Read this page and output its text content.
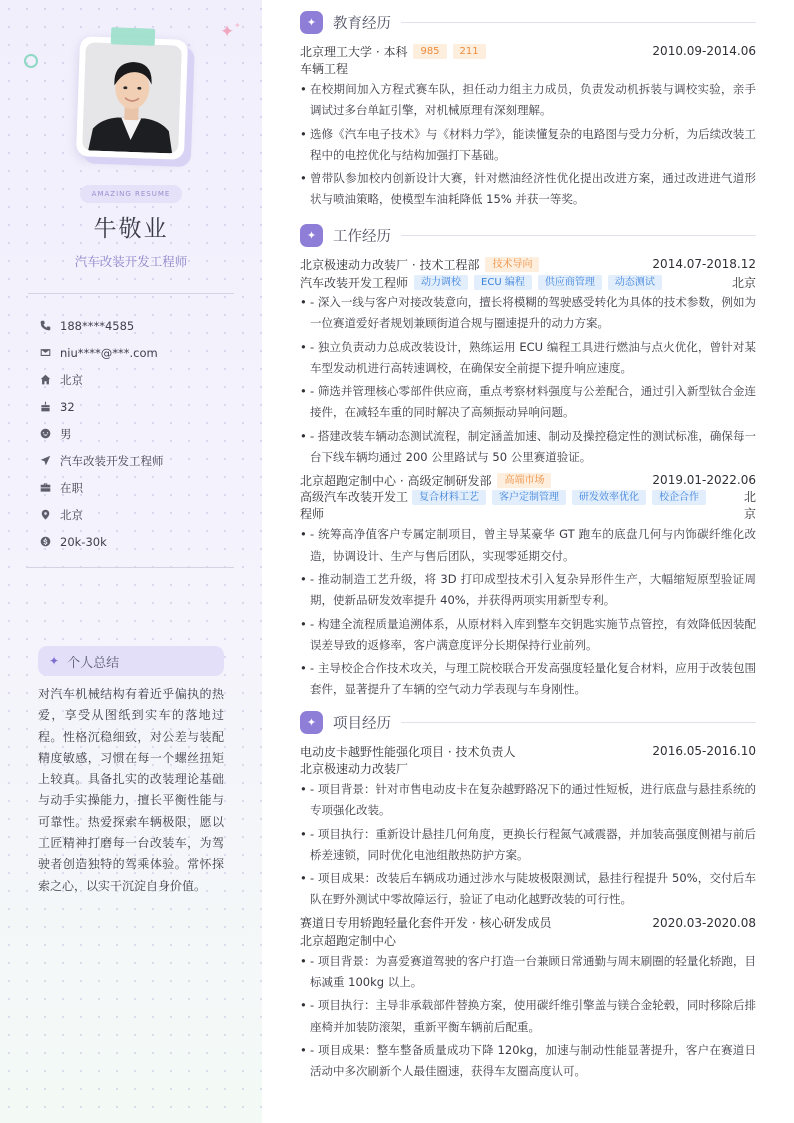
✦ ✦
AMAZING RESUME
牛敬业
汽车改装开发工程师
188****4585
niu****@***.com
北京
32
男
汽车改装开发工程师
在职
北京
20k-30k
✦ 个人总结

对汽车机械结构有着近乎偏执的热爱，享受从图纸到实车的落地过程。性格沉稳细致，对公差与装配精度敏感，习惯在每一个螺丝扭矩上较真。具备扎实的改装理论基础与动手实操能力，擅长平衡性能与可靠性。热爱探索车辆极限，愿以工匠精神打磨每一台改装车，为驾驶者创造独特的驾乘体验。常怀探索之心，以实干沉淀自身价值。

✦	教育经历
北京理工大学 · 本科	985	211	2010.09-2014.06
车辆工程
• 在校期间加入方程式赛车队，担任动力组主力成员，负责发动机拆装与调校实验，亲手调试过多台单缸引擎，对机械原理有深刻理解。
• 选修《汽车电子技术》与《材料力学》，能读懂复杂的电路图与受力分析，为后续改装工程中的电控优化与结构加强打下基础。
• 曾带队参加校内创新设计大赛，针对燃油经济性优化提出改进方案，通过改进进气道形状与喷油策略，使模型车油耗降低 15% 并获一等奖。
✦	工作经历
北京极速动力改装厂 · 技术工程部	技术导向	2014.07-2018.12
汽车改装开发工程师	动力调校	ECU 编程	供应商管理	动态测试	北京
• - 深入一线与客户对接改装意向，擅长将模糊的驾驶感受转化为具体的技术参数，例如为一位赛道爱好者规划兼顾街道合规与圈速提升的动力方案。
• - 独立负责动力总成改装设计，熟练运用 ECU 编程工具进行燃油与点火优化，曾针对某车型发动机进行高转速调校，在确保安全前提下提升响应速度。
• - 筛选并管理核心零部件供应商，重点考察材料强度与公差配合，通过引入新型钛合金连接件，在减轻车重的同时解决了高频振动异响问题。
• - 搭建改装车辆动态测试流程，制定涵盖加速、制动及操控稳定性的测试标准，确保每一台下线车辆均通过 200 公里路试与 50 公里赛道验证。
北京超跑定制中心 · 高级定制研发部	高端市场	2019.01-2022.06
高级汽车改装开发工
程师
复合材料工艺	客户定制管理	研发效率优化	校企合作	北
京
• - 统筹高净值客户专属定制项目，曾主导某豪华 GT 跑车的底盘几何与内饰碳纤维化改造，协调设计、生产与售后团队，实现零延期交付。
• - 推动制造工艺升级，将 3D 打印成型技术引入复杂异形件生产，大幅缩短原型验证周期，使新品研发效率提升 40%，并获得两项实用新型专利。
• - 构建全流程质量追溯体系，从原材料入库到整车交钥匙实施节点管控，有效降低因装配误差导致的返修率，客户满意度评分长期保持行业前列。
• - 主导校企合作技术攻关，与理工院校联合开发高强度轻量化复合材料，应用于改装包围套件，显著提升了车辆的空气动力学表现与车身刚性。
✦	项目经历
电动皮卡越野性能强化项目 · 技术负责人	2016.05-2016.10
北京极速动力改装厂
• - 项目背景：针对市售电动皮卡在复杂越野路况下的通过性短板，进行底盘与悬挂系统的专项强化改装。
• - 项目执行：重新设计悬挂几何角度，更换长行程氮气减震器，并加装高强度侧裙与前后桥差速锁，同时优化电池组散热防护方案。
• - 项目成果：改装后车辆成功通过涉水与陡坡极限测试，悬挂行程提升 50%，交付后车队在野外测试中零故障运行，验证了电动化越野改装的可行性。
赛道日专用轿跑轻量化套件开发 · 核心研发成员	2020.03-2020.08
北京超跑定制中心
• - 项目背景：为喜爱赛道驾驶的客户打造一台兼顾日常通勤与周末刷圈的轻量化轿跑，目标减重 100kg 以上。
• - 项目执行：主导非承载部件替换方案，使用碳纤维引擎盖与镁合金轮毂，同时移除后排座椅并加装防滚架，重新平衡车辆前后配重。
• - 项目成果：整车整备质量成功下降 120kg，加速与制动性能显著提升，客户在赛道日活动中多次刷新个人最佳圈速，获得车友圈高度认可。
